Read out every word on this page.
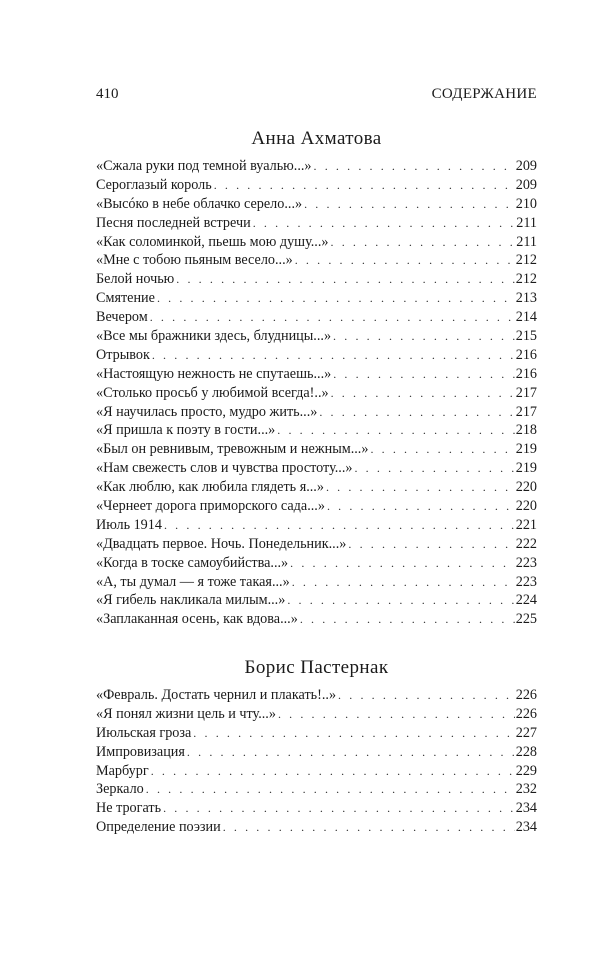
410	СОДЕРЖАНИЕ
Анна Ахматова
«Сжала руки под темной вуалью...» . . .	209
Сероглазый король . . .	209
«Высóко в небе облачко серело...» . . .	210
Песня последней встречи . . .	211
«Как соломинкой, пьешь мою душу...» . . .	211
«Мне с тобою пьяным весело...» . . .	212
Белой ночью . . .	212
Смятение . . .	213
Вечером . . .	214
«Все мы бражники здесь, блудницы...» . . .	215
Отрывок . . .	216
«Настоящую нежность не спутаешь...» . . .	216
«Столько просьб у любимой всегда!..» . . .	217
«Я научилась просто, мудро жить...» . . .	217
«Я пришла к поэту в гости...» . . .	218
«Был он ревнивым, тревожным и нежным...» . . .	219
«Нам свежесть слов и чувства простоту...» . . .	219
«Как люблю, как любила глядеть я...» . . .	220
«Чернеет дорога приморского сада...» . . .	220
Июль 1914 . . .	221
«Двадцать первое. Ночь. Понедельник...» . . .	222
«Когда в тоске самоубийства...» . . .	223
«А, ты думал — я тоже такая...» . . .	223
«Я гибель накликала милым...» . . .	224
«Заплаканная осень, как вдова...» . . .	225
Борис Пастернак
«Февраль. Достать чернил и плакать!..» . . .	226
«Я понял жизни цель и чту...» . . .	226
Июльская гроза . . .	227
Импровизация . . .	228
Марбург . . .	229
Зеркало . . .	232
Не трогать . . .	234
Определение поэзии . . .	234
